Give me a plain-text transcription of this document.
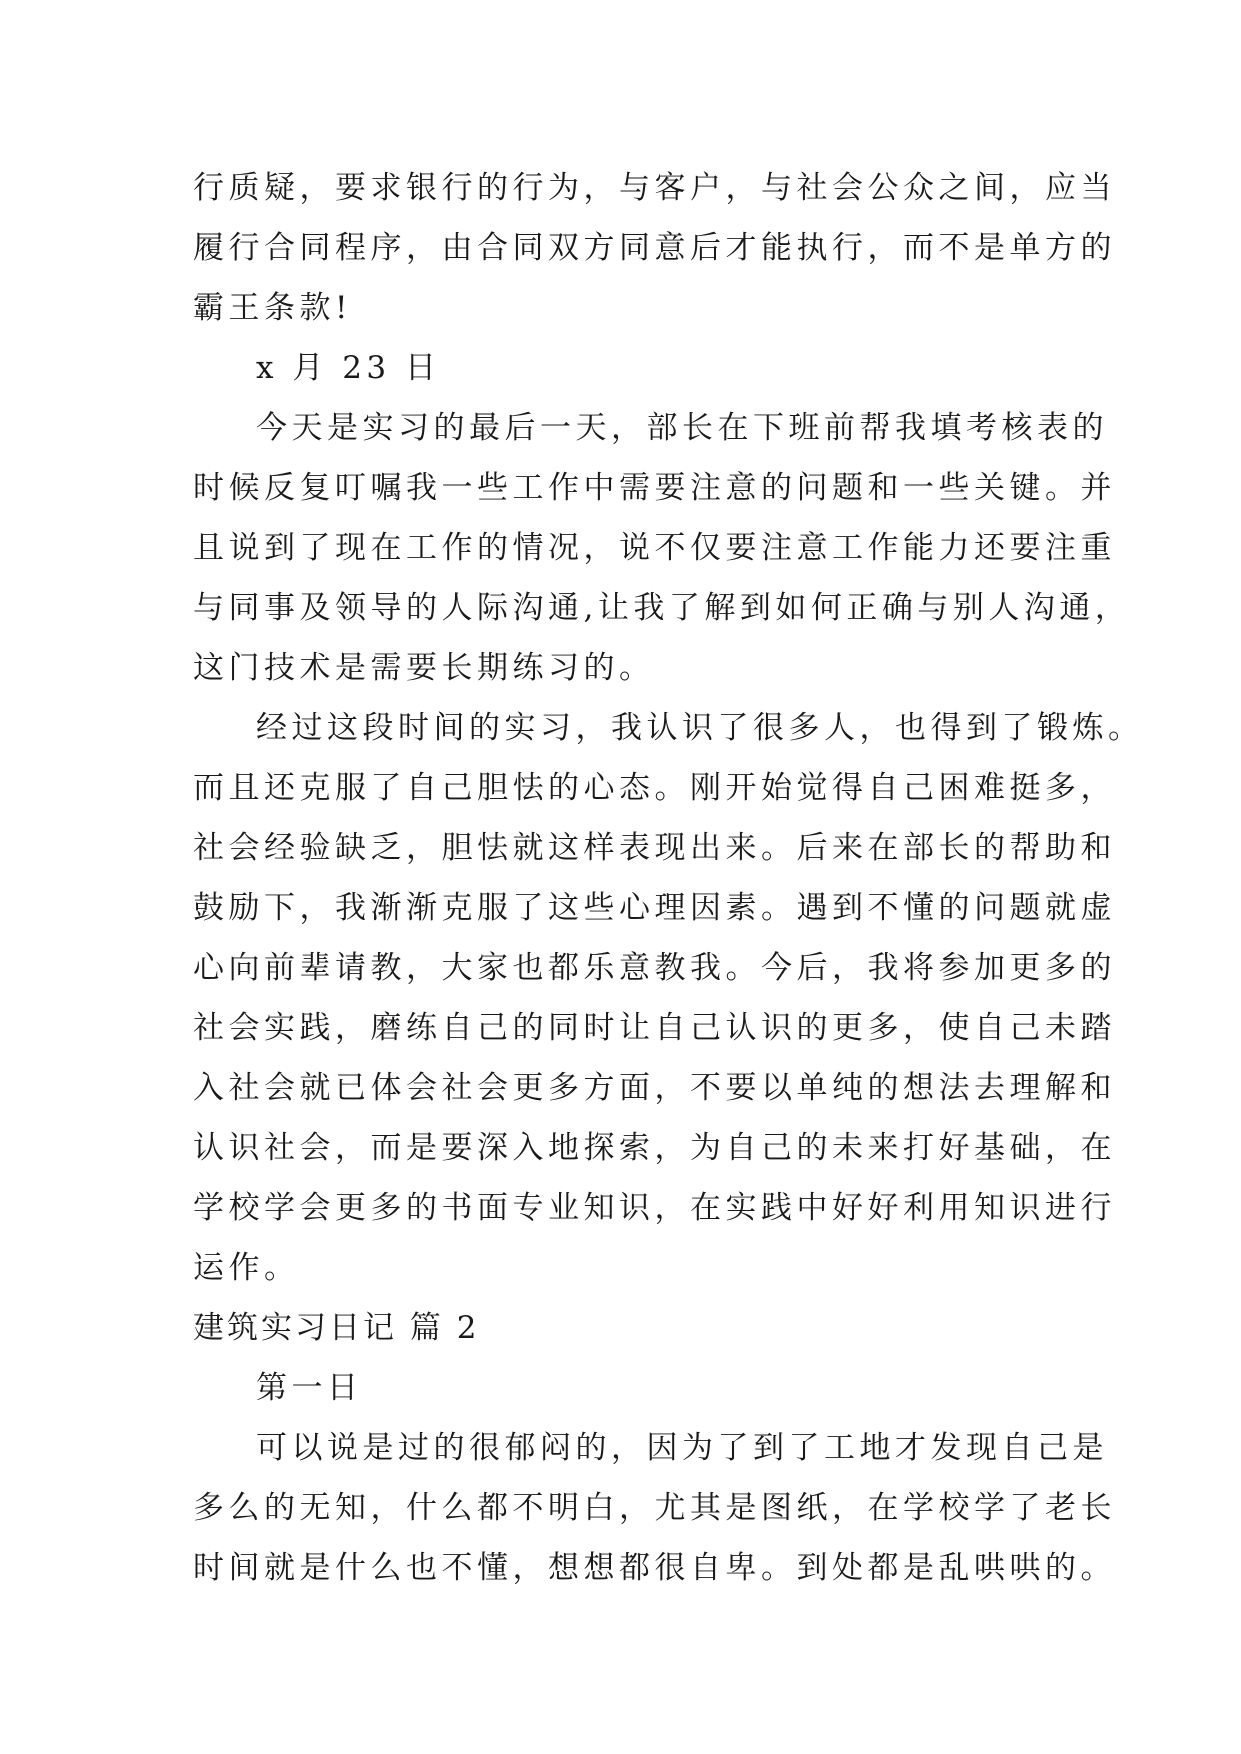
行质疑，要求银行的行为，与客户，与社会公众之间，应当
履行合同程序，由合同双方同意后才能执行，而不是单方的
霸王条款!
x 月 23 日
今天是实习的最后一天，部长在下班前帮我填考核表的
时候反复叮嘱我一些工作中需要注意的问题和一些关键。并
且说到了现在工作的情况，说不仅要注意工作能力还要注重
与同事及领导的人际沟通,让我了解到如何正确与别人沟通，
这门技术是需要长期练习的。
经过这段时间的实习，我认识了很多人，也得到了锻炼。
而且还克服了自己胆怯的心态。刚开始觉得自己困难挺多，
社会经验缺乏，胆怯就这样表现出来。后来在部长的帮助和
鼓励下，我渐渐克服了这些心理因素。遇到不懂的问题就虚
心向前辈请教，大家也都乐意教我。今后，我将参加更多的
社会实践，磨练自己的同时让自己认识的更多，使自己未踏
入社会就已体会社会更多方面，不要以单纯的想法去理解和
认识社会，而是要深入地探索，为自己的未来打好基础，在
学校学会更多的书面专业知识，在实践中好好利用知识进行
运作。
建筑实习日记 篇 2
第一日
可以说是过的很郁闷的，因为了到了工地才发现自己是
多么的无知，什么都不明白，尤其是图纸，在学校学了老长
时间就是什么也不懂，想想都很自卑。到处都是乱哄哄的。
